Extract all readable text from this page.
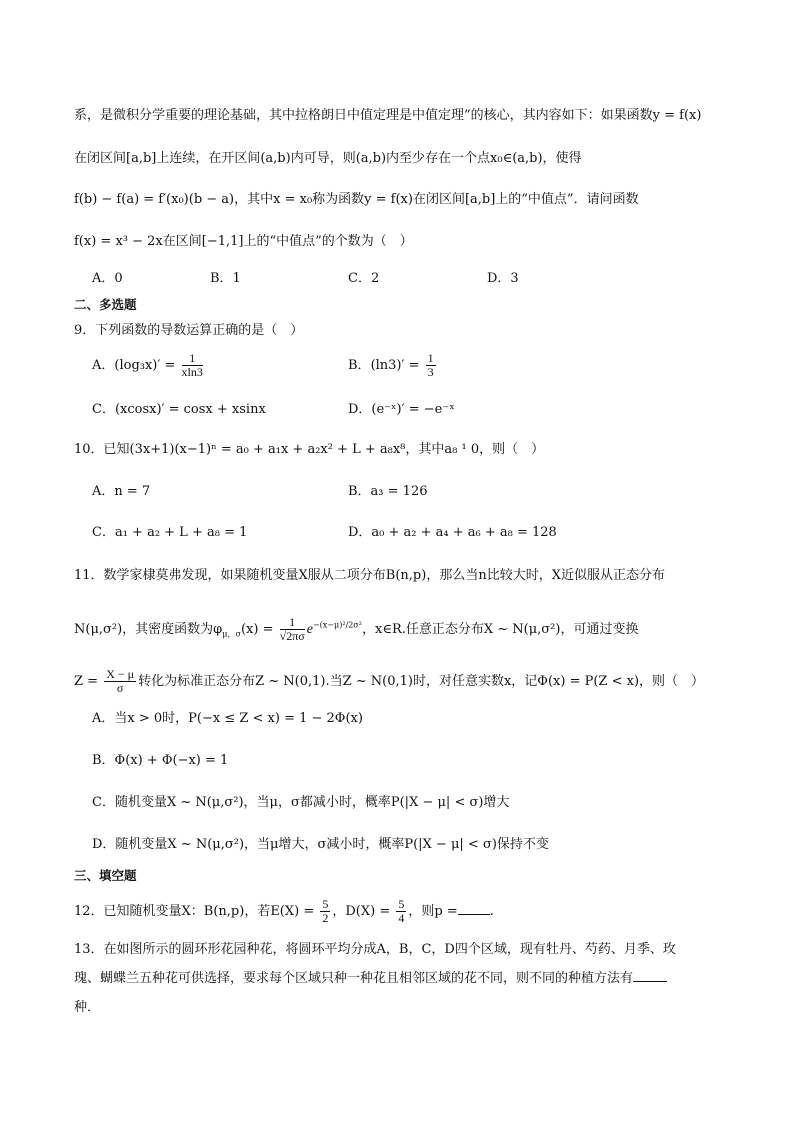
系，是微积分学重要的理论基础，其中拉格朗日中值定理是中值定理”的核心，其内容如下：如果函数y = f(x)
在闭区间[a,b]上连续，在开区间(a,b)内可导，则(a,b)内至少存在一个点x₀∈(a,b)，使得
f(b) − f(a) = f′(x₀)(b − a)，其中x = x₀称为函数y = f(x)在闭区间[a,b]上的“中值点”．请问函数
f(x) = x³ − 2x在区间[−1,1]上的“中值点”的个数为（　）
A．0	B．1	C．2	D．3
二、多选题
9．下列函数的导数运算正确的是（　）
A．$(\log_3x)' = \frac{1}{xln3}$	B．$(\ln 3)' = \frac{1}{3}$
C．(xcosx)′ = cosx + xsinx	D．(e⁻ˣ)′ = −e⁻ˣ
10．已知(3x+1)(x−1)ⁿ = a₀ + a₁x + a₂x² + L + a₈x⁸，其中a₈ ¹ 0，则（　）
A．n = 7	B．a₃ = 126
C．a₁ + a₂ + L + a₈ = 1	D．a₀ + a₂ + a₄ + a₆ + a₈ = 128
11．数学家棣莫弗发现，如果随机变量X服从二项分布B(n,p)，那么当n比较大时，X近似服从正态分布
N(μ,σ²)，其密度函数为$\varphi_{\mu,\sigma}(x) = \frac{1}{√2\pi\sigma} e^{-(x-\mu)^2/2\sigma^2}$，x∈R.任意正态分布X ~ N(μ,σ²)，可通过变换
$Z = \frac{X - \mu}{\sigma}$ 转化为标准正态分布Z ~ N(0,1).当Z ~ N(0,1)时，对任意实数x，记Φ(x) = P(Z < x)，则（　）
A．当x > 0时，P(−x ≤ Z < x) = 1 − 2Φ(x)
B．Φ(x) + Φ(−x) = 1
C．随机变量X ~ N(μ,σ²)，当μ，σ都减小时，概率P(|X − μ| < σ)增大
D．随机变量X ~ N(μ,σ²)，当μ增大，σ减小时，概率P(|X − μ| < σ)保持不变
三、填空题
12．已知随机变量X：B(n,p)，若$E(X) = \frac{5}{2}$ ，$D(X) = \frac{5}{4}$ ，则p = .
13．在如图所示的圆环形花园种花，将圆环平均分成A，B，C，D四个区域，现有牡丹、芍药、月季、玫
瑰、蝴蝶兰五种花可供选择，要求每个区域只种一种花且相邻区域的花不同，则不同的种植方法有
种．
